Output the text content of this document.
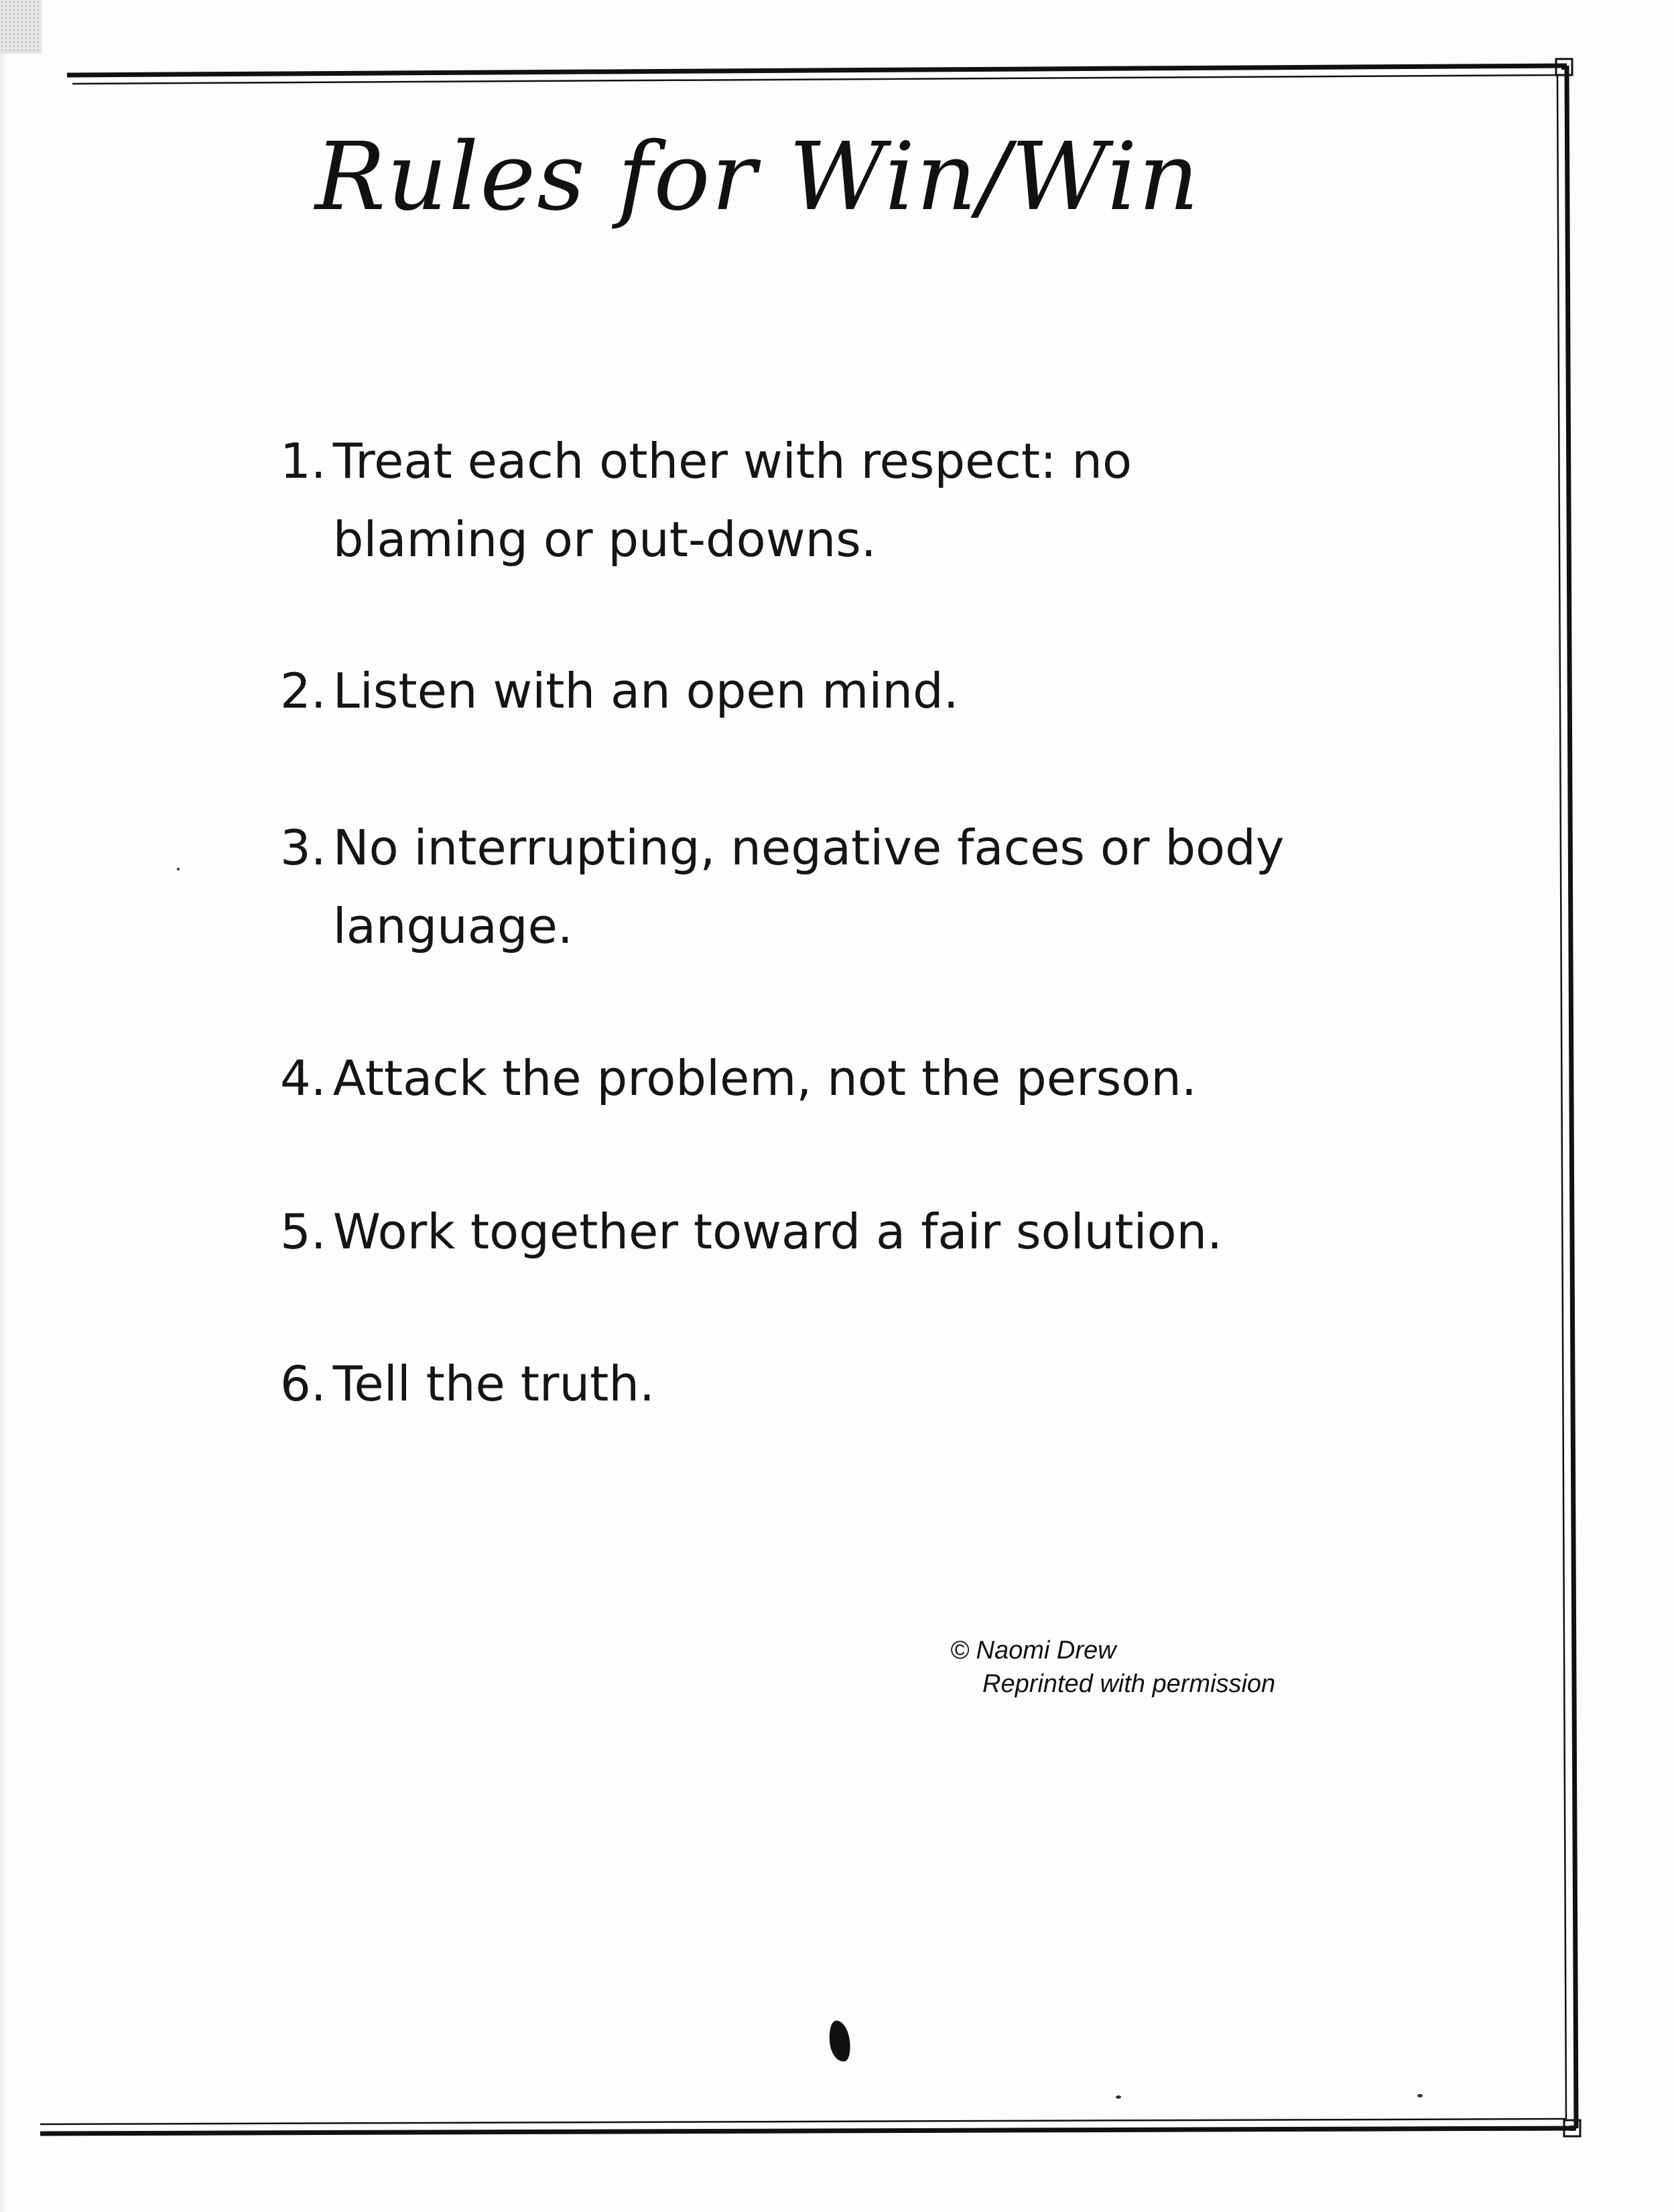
Rules for Win/Win
1. Treat each other with respect: no blaming or put-downs.
2. Listen with an open mind.
3. No interrupting, negative faces or body language.
4. Attack the problem, not the person.
5. Work together toward a fair solution.
6. Tell the truth.
© Naomi Drew
Reprinted with permission
